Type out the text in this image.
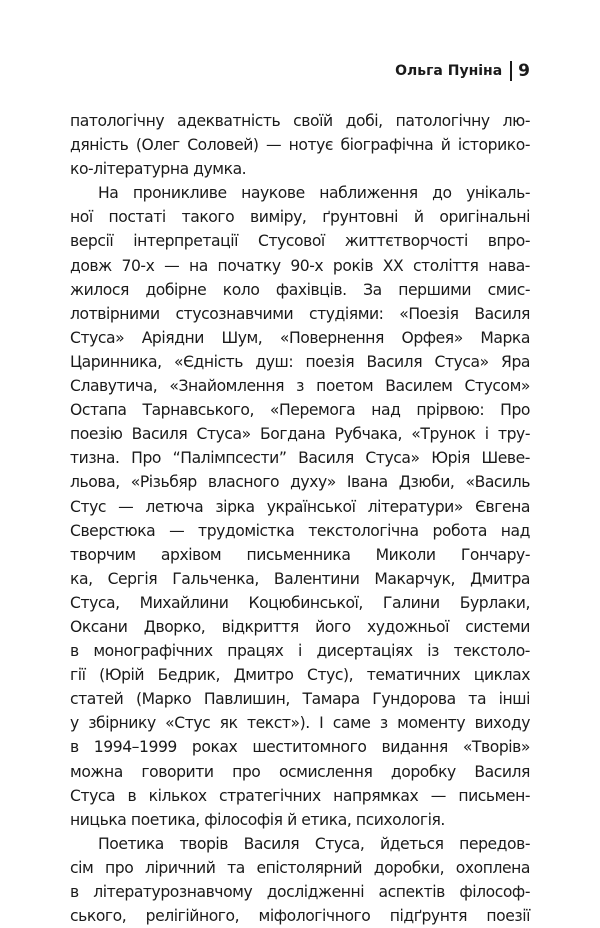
Ольга Пуніна 9
патологічну адекватність своїй добі, патологічну лю-
дяність (Олег Соловей) — нотує біографічна й історико-
ко-літературна думка.
На проникливе наукове наближення до унікаль-
ної постаті такого виміру, ґрунтовні й оригінальні
версії інтерпретації Стусової життєтворчості впро-
довж 70-х — на початку 90-х років ХХ століття нава-
жилося добірне коло фахівців. За першими смис-
лотвірними стусознавчими студіями: «Поезія Василя
Стуса» Аріядни Шум, «Повернення Орфея» Марка
Царинника, «Єдність душ: поезія Василя Стуса» Яра
Славутича, «Знайомлення з поетом Василем Стусом»
Остапа Тарнавського, «Перемога над прірвою: Про
поезію Василя Стуса» Богдана Рубчака, «Трунок і тру-
тизна. Про “Палімпсести” Василя Стуса» Юрія Шеве-
льова, «Різьбяр власного духу» Івана Дзюби, «Василь
Стус — летюча зірка української літератури» Євгена
Сверстюка — трудомістка текстологічна робота над
творчим архівом письменника Миколи Гончару-
ка, Сергія Гальченка, Валентини Макарчук, Дмитра
Стуса, Михайлини Коцюбинської, Галини Бурлаки,
Оксани Дворко, відкриття його художньої системи
в монографічних працях і дисертаціях із текстоло-
гії (Юрій Бедрик, Дмитро Стус), тематичних циклах
статей (Марко Павлишин, Тамара Гундорова та інші
у збірнику «Стус як текст»). І саме з моменту виходу
в 1994–1999 роках шеститомного видання «Творів»
можна говорити про осмислення доробку Василя
Стуса в кількох стратегічних напрямках — письмен-
ницька поетика, філософія й етика, психологія.
Поетика творів Василя Стуса, йдеться передов-
сім про ліричний та епістолярний доробки, охоплена
в літературознавчому дослідженні аспектів філософ-
ського, релігійного, міфологічного підґрунтя поезії
